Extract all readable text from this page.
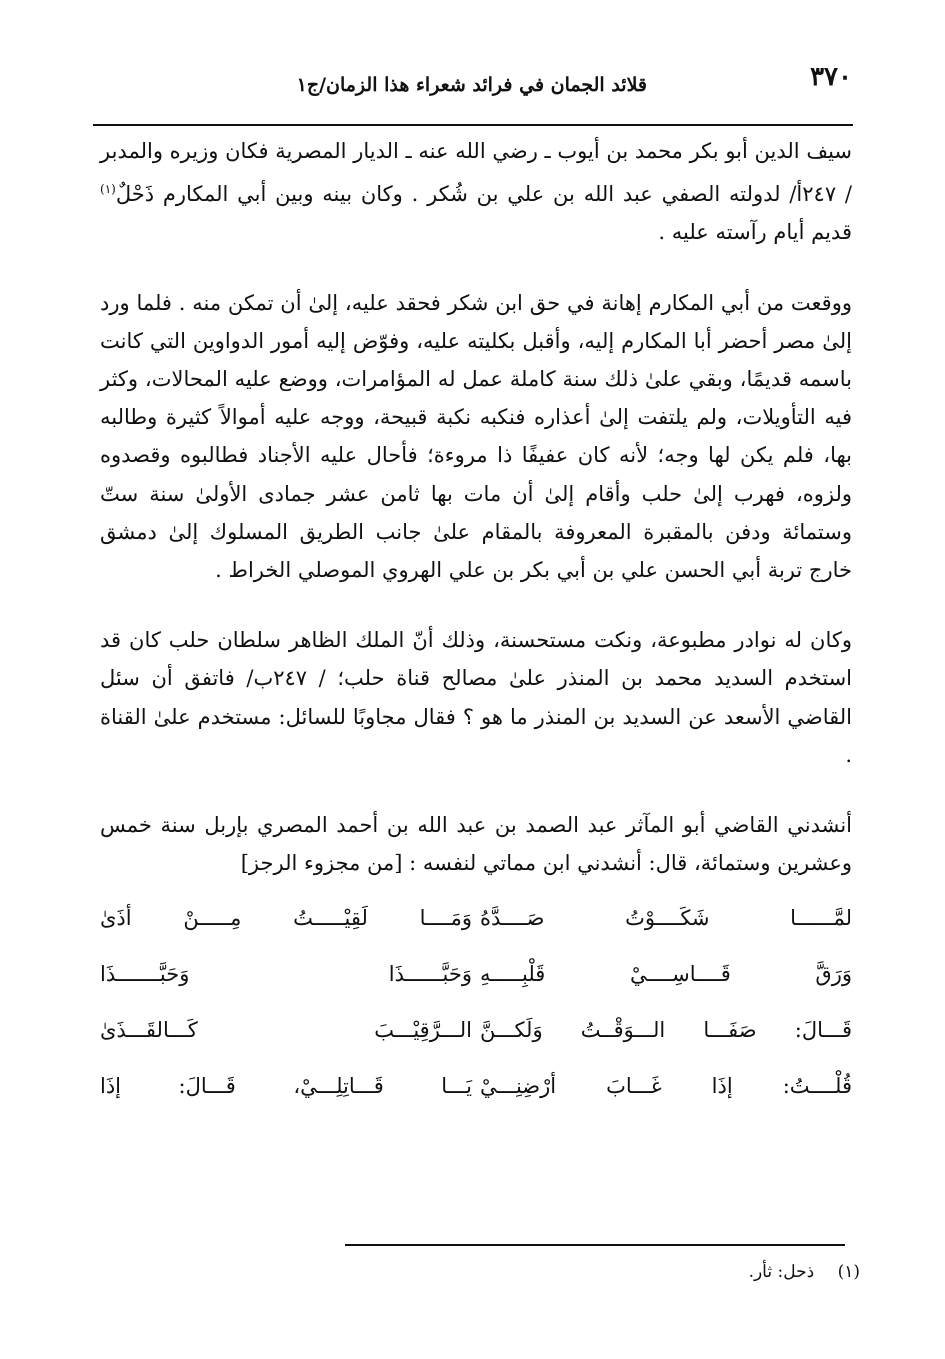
٣٧٠
قلائد الجمان في فرائد شعراء هذا الزمان/ج١

سيف الدين أبو بكر محمد بن أيوب ـ رضي الله عنه ـ الديار المصرية فكان وزيره والمدبر / ٢٤٧أ/ لدولته الصفي عبد الله بن علي بن شُكر . وكان بينه وبين أبي المكارم ذَحْلٌ$^{(١)}$ قديم أيام رآسته عليه .

ووقعت من أبي المكارم إهانة في حق ابن شكر فحقد عليه، إلىٰ أن تمكن منه . فلما ورد إلىٰ مصر أحضر أبا المكارم إليه، وأقبل بكليته عليه، وفوّض إليه أمور الدواوين التي كانت باسمه قديمًا، وبقي علىٰ ذلك سنة كاملة عمل له المؤامرات، ووضع عليه المحالات، وكثر فيه التأويلات، ولم يلتفت إلىٰ أعذاره فنكبه نكبة قبيحة، ووجه عليه أموالاً كثيرة وطالبه بها، فلم يكن لها وجه؛ لأنه كان عفيفًا ذا مروءة؛ فأحال عليه الأجناد فطالبوه وقصدوه ولزوه، فهرب إلىٰ حلب وأقام إلىٰ أن مات بها ثامن عشر جمادى الأولىٰ سنة ستّ وستمائة ودفن بالمقبرة المعروفة بالمقام علىٰ جانب الطريق المسلوك إلىٰ دمشق خارج تربة أبي الحسن علي بن أبي بكر بن علي الهروي الموصلي الخراط .

وكان له نوادر مطبوعة، ونكت مستحسنة، وذلك أنّ الملك الظاهر سلطان حلب كان قد استخدم السديد محمد بن المنذر علىٰ مصالح قناة حلب؛ / ٢٤٧ب/ فاتفق أن سئل القاضي الأسعد عن السديد بن المنذر ما هو ؟ فقال مجاوبًا للسائل: مستخدم علىٰ القناة .

أنشدني القاضي أبو المآثر عبد الصمد بن عبد الله بن أحمد المصري بإربل سنة خمس وعشرين وستمائة، قال: أنشدني ابن مماتي لنفسه : [من مجزوء الرجز]

لمَّــــــا شَكَــــوْتُ صَــــدَّهُ
وَمَــــا لَقِيْـــــتُ مِـــــنْ أذَىٰ
وَرَقَّ قَــــاسِــــيْ قَلْبِـــــهِ
وَحَبَّــــــذَا وَحَبَّـــــــذَا
قَـــالَ: صَفَـــا الـــوَقْــتُ وَلَكـــنَّ
الـــرَّقِيْـــبَ كَـــالقَـــذَىٰ
قُلْــــتُ: إذَا غَـــابَ أرْضِنِـــيْ
يَـــا قَـــاتِلِـــيْ، قَـــالَ: إذَا
(١) ذحل: ثأر.
